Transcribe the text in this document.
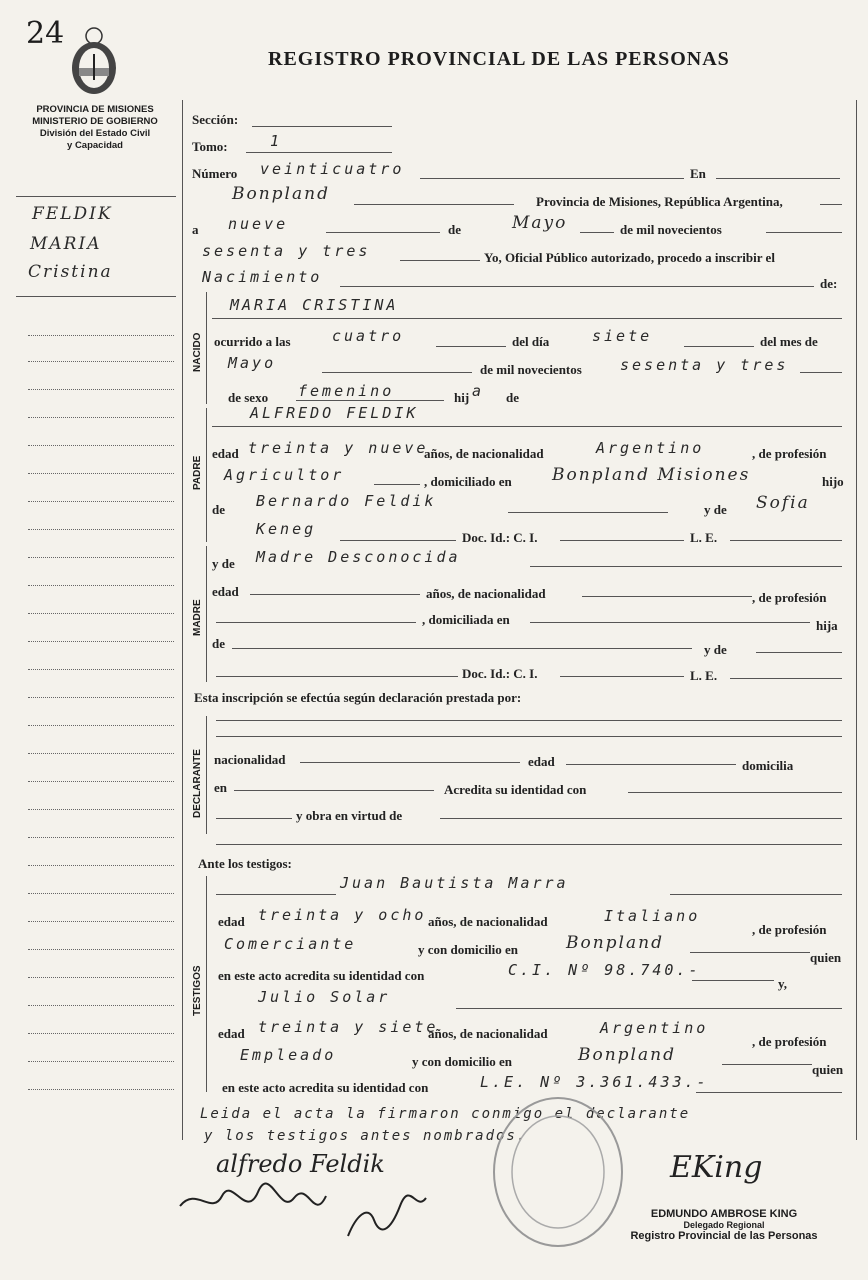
24
REGISTRO PROVINCIAL DE LAS PERSONAS
PROVINCIA DE MISIONES
MINISTERIO DE GOBIERNO
División del Estado Civil
y Capacidad
FELDIK
MARIA
Cristina
Sección:
Tomo:	1
Número veinticuatro	En
Bonpland	Provincia de Misiones, República Argentina,
a nueve	de	Mayo	de mil novecientos
sesenta y tres	Yo, Oficial Público autorizado, procedo a inscribir el
Nacimiento	de:
NACIDO
MARIA CRISTINA
ocurrido a las	cuatro	del día	siete	del mes de
Mayo	de mil novecientos	sesenta y tres
de sexo femenino	hij a de
PADRE
ALFREDO FELDIK
edad treinta y nueve
años, de nacionalidad	Argentino	, de profesión
Agricultor	, domiciliado en Bonpland Misiones	hijo
de Bernardo Feldik	y de Sofia
Keneg	Doc. Id.: C. I.	L. E.
MADRE
y de Madre Desconocida
edad	años, de nacionalidad	, de profesión
, domiciliada en	hija
de	y de
Doc. Id.: C. I.	L. E.
Esta inscripción se efectúa según declaración prestada por:
DECLARANTE nacionalidad	edad	domicilia
en	Acredita su identidad con
y obra en virtud de
Ante los testigos:
TESTIGOS
Juan Bautista Marra
edad treinta y ocho años, de nacionalidad	Italiano
, de profesión
Comerciante	y con domicilio en	Bonpland
quien
en este acto acredita su identidad con	C.I. Nº 98.740.-
y,
Julio Solar
edad treinta y siete
años, de nacionalidad	Argentino
, de profesión
Empleado	y con domicilio en	Bonpland
quien
en este acto acredita su identidad con	L.E. Nº 3.361.433.-
Leida el acta la firmaron conmigo el declarante
y los testigos antes nombrados.
alfredo Feldik	EKing
EDMUNDO AMBROSE KING
Delegado Regional
Registro Provincial de las Personas
